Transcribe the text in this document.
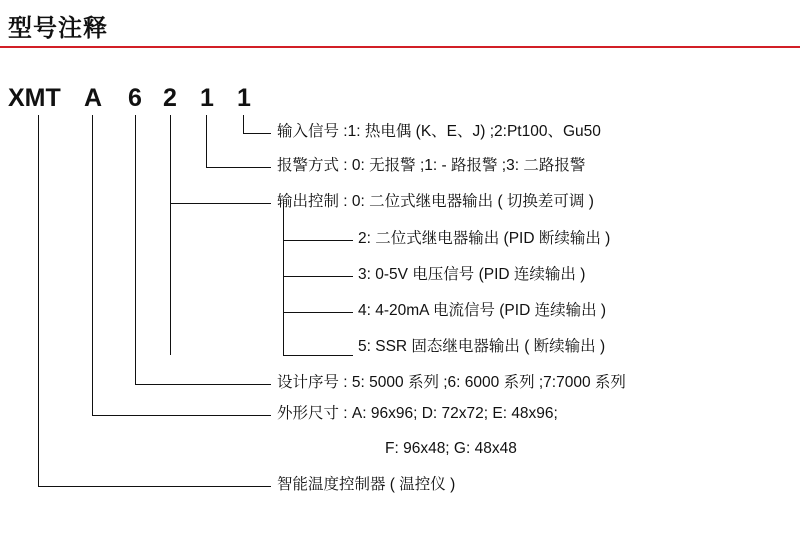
型号注释
XMT A 6 2 1 1
输入信号 :1: 热电偶 (K、E、J) ;2:Pt100、Gu50
报警方式 : 0: 无报警 ;1: - 路报警 ;3: 二路报警
输出控制 : 0: 二位式继电器输出 ( 切换差可调 )
2: 二位式继电器输出 (PID 断续输出 )
3: 0-5V 电压信号 (PID 连续输出 )
4: 4-20mA 电流信号 (PID 连续输出 )
5: SSR 固态继电器输出 ( 断续输出 )
设计序号 : 5: 5000 系列 ;6: 6000 系列 ;7:7000 系列
外形尺寸 : A: 96x96; D: 72x72; E: 48x96;
F: 96x48; G: 48x48
智能温度控制器 ( 温控仪 )
